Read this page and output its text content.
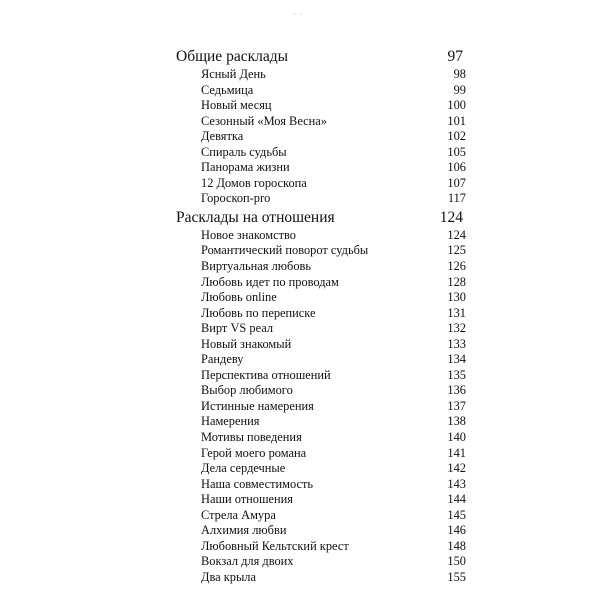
· ·
Общие расклады	97
Ясный День	98
Седьмица	99
Новый месяц	100
Сезонный «Моя Весна»	101
Девятка	102
Спираль судьбы	105
Панорама жизни	106
12 Домов гороскопа	107
Гороскоп-pro	117
Расклады на отношения	124
Новое знакомство	124
Романтический поворот судьбы	125
Виртуальная любовь	126
Любовь идет по проводам	128
Любовь online	130
Любовь по переписке	131
Вирт VS реал	132
Новый знакомый	133
Рандеву	134
Перспектива отношений	135
Выбор любимого	136
Истинные намерения	137
Намерения	138
Мотивы поведения	140
Герой моего романа	141
Дела сердечные	142
Наша совместимость	143
Наши отношения	144
Стрела Амура	145
Алхимия любви	146
Любовный Кельтский крест	148
Вокзал для двоих	150
Два крыла	155
